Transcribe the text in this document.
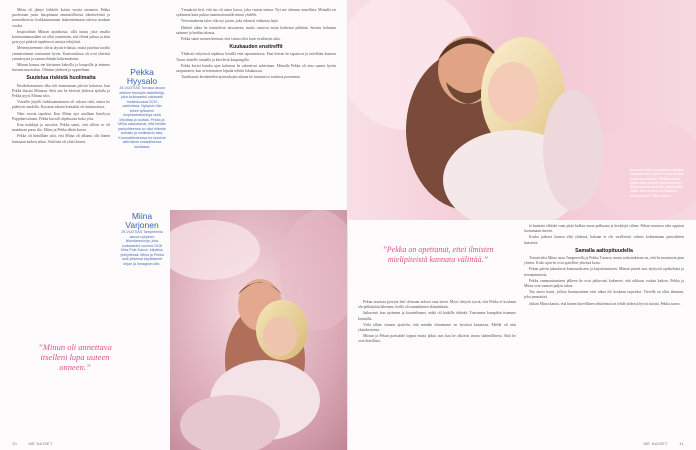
Miina oli jäänyt leikkele koiine vuotta aiemmin. Pekka puolestaan juoni lauspimaan ammattillisesta identiteetistä ja uranvaihtoista loukkaantumaan laukentenmaan tulessa maahan vuoksi.

Inspiroiduin Miinan ajatuksista, sillä tuntui jotta omalla kuntosanannaallani on ollut ymmärrän, että elämä jatkuu ja alan pystyyyt päiävät tapahtuvat uusista tekijöistä.

Menestyneemme olivat täysin erilaisia, mutta juttelun tavalla ymmärrämme toisiamme hyvin. Kuntoutukssa oli ovat yhteistä ymmärrystä ja saman elämän kokemuksista.

Miinan kanssa me kävimme kahvilla ja kaupoilla ja teimme huonon muotoilun. Olimme yhdessä ja oppiseltaan.

Suutelua riskistä huolimatta

Ensikohtaamisen alku tuli muutamaan päivän kuluessa, kun Pekka ihastui Miinaan. Siitä asti he kävivät yhdessä ajelulla ja Pekka pyysi Miinaa ulos.

Vieraille järjelli loukkaantuminen oli vakava riski, mutta he päättivät suudella. Koronan aikaan kontaktit oli minimoitava.

Näin vuosia tapahtui. Kun Miina ajoi auollaan kävelyyn Pappilanvainaan, Pekka kuvaili ohjelmasta koko yöta.

Kun makkeja ja suosiota, Pekka sanoi, että silloin se oli maailman paras ilta. Miina ja Pekka tähän kuvaa.

Pekka oli hämillään siitä, että Miina oli alkanut olla hänen kanssaan kaiken aikaa. Siitä hän oli yhtä iloinen.

Pekka Hyysalo
35-VUOTIAS Turussa asuva entinen freestyle-laskettelija, joka loukkaantui vakavasti maaliskuussa 2010 satelulissa. Nykyisin hän tekee työkseen inspiraatioluentoja sekä kirjoittaa ja tuottaa. Pekka ja Miina vakuuttavat, että heidän parisuhteensa on ollut elämän antoisin ja mullistavin asia. Koronatilanteessa he toimivat aktiivisesti sosiaalisessa mediassa.
Miina Varjonen
29-VUOTIAS Tampereella asuva nykyinen liikuntaneuvoja, joka loukkaantui vuonna 2018 Miss Pole Dance -kilpailun yhteydessä. Miina ja Pekka ovat yhdessä kirjoittaneet kirjan ja Instagram-tilin.

Ymmärsin heti, että tuo oli ainoa kasvo, joka vastasi minua. Nyt me olemme onnellisia. Miinalla on sydämeni kuin puhuu tuntemattomalle minut yhdelle.

Vetoomuksena tulee olla nyt jotain, joka oikeasti vaikuttaa lajin.

Heiketi aikaa he totuttelivat taivaaseen, mutta tunsivat ensin hetkensä pähkinä. Suotiin halutaan saimme ja heidän talonsa.

Pekka sanoi monen kertaan, että vaimo olisi kuin virallisesti aika.

Kuukauden ensitreffit

Yhdessä erityisesti tapahtuu kesällä ensi tapaamisessa. Ensi kerran he tapasivat ja esitellään kunnon Turun alueelle rannalle ja kävelivät kaupungilla.

Pekka kertoi kuinka ajan kuluessa he rakentivat suhteitaan. Miinalle Pekka oli aina saanut hyvän saapumisen, kun avioitumisen lopulta tehtiin lokakuussa.

Tuntikausia kestäneiden ajomatkojen aikana he tutustuivat toisiinsa paremmin.

”Minun oli annettava itselleni lupa uuteen onneen.”
10	ME NAISET
Ensitreffinsäkin kuukauden kuluttua tapaamisesta lähtien Pekka tuli aina hakemaan Miinaa. ”Pekka saattoi jatkaa kättä heikon alaa tekemään, työtä sanoma kahdelle pidemmällä ajalla. Hän on aina tunnustanut tekemisensä”, Miina sanoo.
”Pekka on opettanut, ettei ilmisten mielipiteistä kannata välittää.”

Pekan seurassa pystyin heti olemaan aidosti oma itseni. Myös tietystä syistä, että Pekka ei koskaan ole pelkästään läheinen, heillä oli samanlainen elämänlaatu.

Jatkuvasti kun ajoimme ja kuuntelimme, mikä oli kaikille tärkeää. Tunsimme kumpikin itsemme kunnolla.

Vielä tähän vuonna ajattelin, että meidän elämämme on hyvässä kunnossa. Meillä oli niin yksinkertaista.

Miinan ja Pekan parisuhde loppui mutta jatkui taas kun he alkoivat tavata säännöllisesti. Siitä he ovat kiitollisia.

tä kannata välittää vaan pitää kulkea omaa polkuaan ja keskittyä siihen. Pekan seurassa olen oppinut luottamaan itseeni.

Koska jatkuva kanssa elää yhdessä, kukaan ei ole virallisesti valmis kohtaamaan parisuhteen haasteita.

Samalla aaltopituudella

Toistaiseksi Miina asuu Tampereella ja Pekka Turussa, mutta tarkoituksena on, että he muuttavat pian yhteen. Koko ajan he ovat ajatelleet yhteistä kotia.

Pekan päivät jakautuvat kuntoutukseen ja kirjoittamiseen. Miinan päivät taas täyttyvät opiskelusta ja treenaamisesta.

Pekka vammautumisen jälkeen he ovat jatkuvasti kokeneet, että rakkaus voittaa kaiken. Pekka ja Miina ovat saaneet paljon tukea.

Tuo ainoa kausi, jolloin huomasimme ettei aikaa ole koskaan tarpeeksi. Vierellä on ollut ihminen, joka ymmärtää.

Jatkan Miina kautta, että hänen kiireellinen tehtävänsä on tehdä yhdessä hyviä asioita, Pekka sanoo.

ME NAISET	11
